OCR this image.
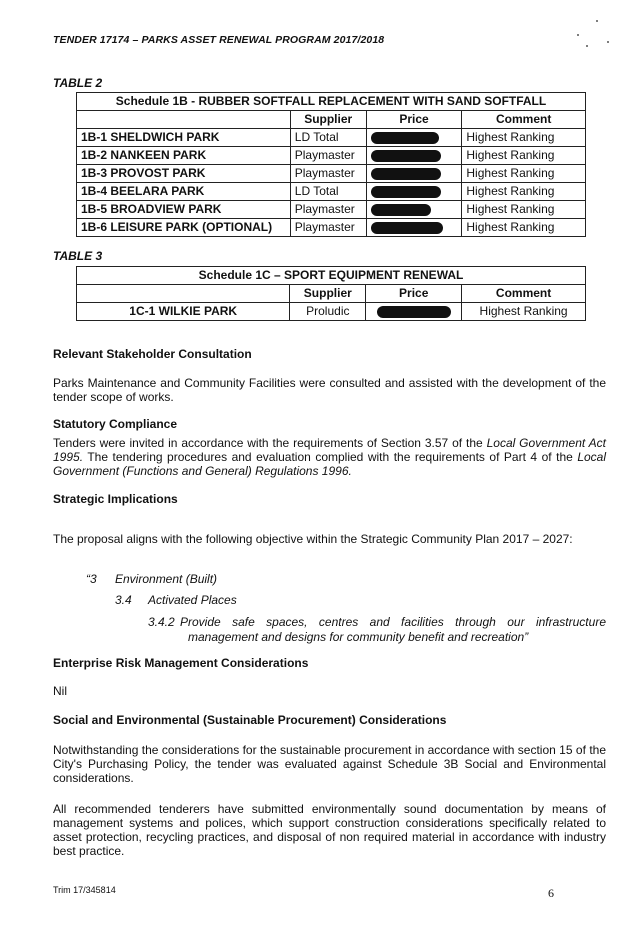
TENDER 17174 – PARKS ASSET RENEWAL PROGRAM 2017/2018
TABLE 2
Schedule 1B - RUBBER SOFTFALL REPLACEMENT WITH SAND SOFTFALL			
	Supplier	Price	Comment
1B-1 SHELDWICH PARK	LD Total		Highest Ranking
1B-2 NANKEEN PARK	Playmaster		Highest Ranking
1B-3 PROVOST PARK	Playmaster		Highest Ranking
1B-4 BEELARA PARK	LD Total		Highest Ranking
1B-5 BROADVIEW PARK	Playmaster		Highest Ranking
1B-6 LEISURE PARK (OPTIONAL)	Playmaster		Highest Ranking
TABLE 3
Schedule 1C – SPORT EQUIPMENT RENEWAL			
	Supplier	Price	Comment
1C-1 WILKIE PARK	Proludic		Highest Ranking
Relevant Stakeholder Consultation
Parks Maintenance and Community Facilities were consulted and assisted with the development of the tender scope of works.
Statutory Compliance
Tenders were invited in accordance with the requirements of Section 3.57 of the Local Government Act 1995. The tendering procedures and evaluation complied with the requirements of Part 4 of the Local Government (Functions and General) Regulations 1996.
Strategic Implications
The proposal aligns with the following objective within the Strategic Community Plan 2017 – 2027:
“3 Environment (Built)
3.4 Activated Places
3.4.2 Provide safe spaces, centres and facilities through our infrastructure
management and designs for community benefit and recreation”
Enterprise Risk Management Considerations
Nil
Social and Environmental (Sustainable Procurement) Considerations
Notwithstanding the considerations for the sustainable procurement in accordance with section 15 of the City's Purchasing Policy, the tender was evaluated against Schedule 3B Social and Environmental considerations.
All recommended tenderers have submitted environmentally sound documentation by means of management systems and polices, which support construction considerations specifically related to asset protection, recycling practices, and disposal of non required material in accordance with industry best practice.
Trim 17/345814	6
